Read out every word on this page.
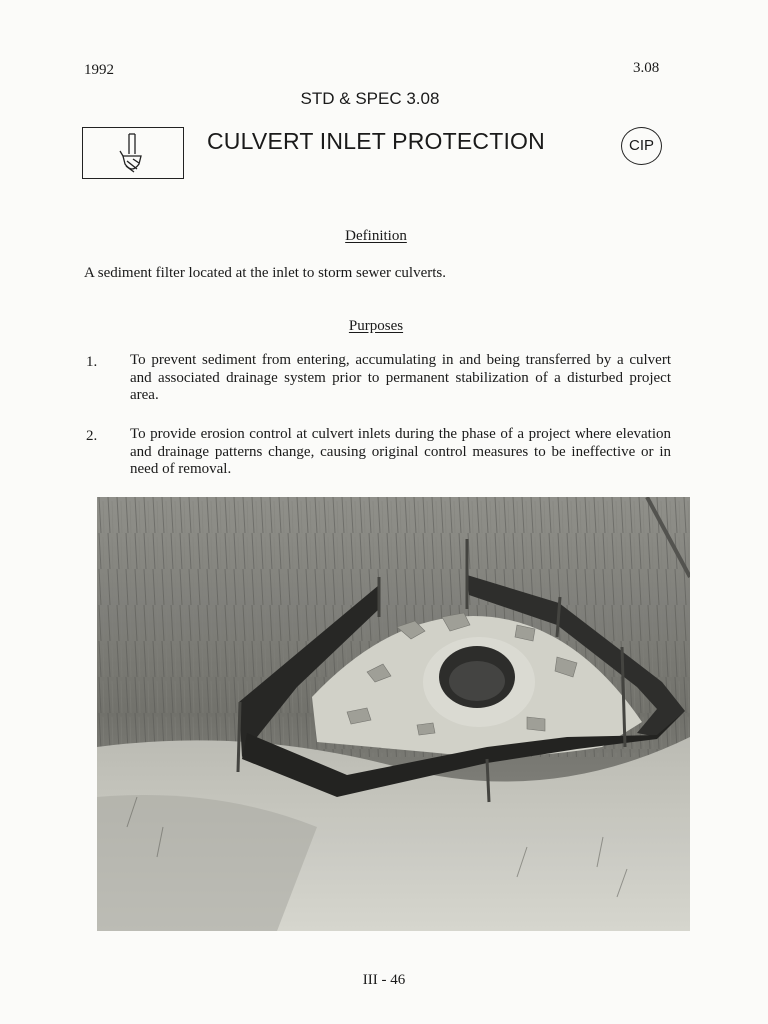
1992	3.08
STD & SPEC 3.08
CULVERT INLET PROTECTION	CIP
Definition
A sediment filter located at the inlet to storm sewer culverts.
Purposes
1. To prevent sediment from entering, accumulating in and being transferred by a culvert and associated drainage system prior to permanent stabilization of a disturbed project area.
2. To provide erosion control at culvert inlets during the phase of a project where elevation and drainage patterns change, causing original control measures to be ineffective or in need of removal.
III - 46
